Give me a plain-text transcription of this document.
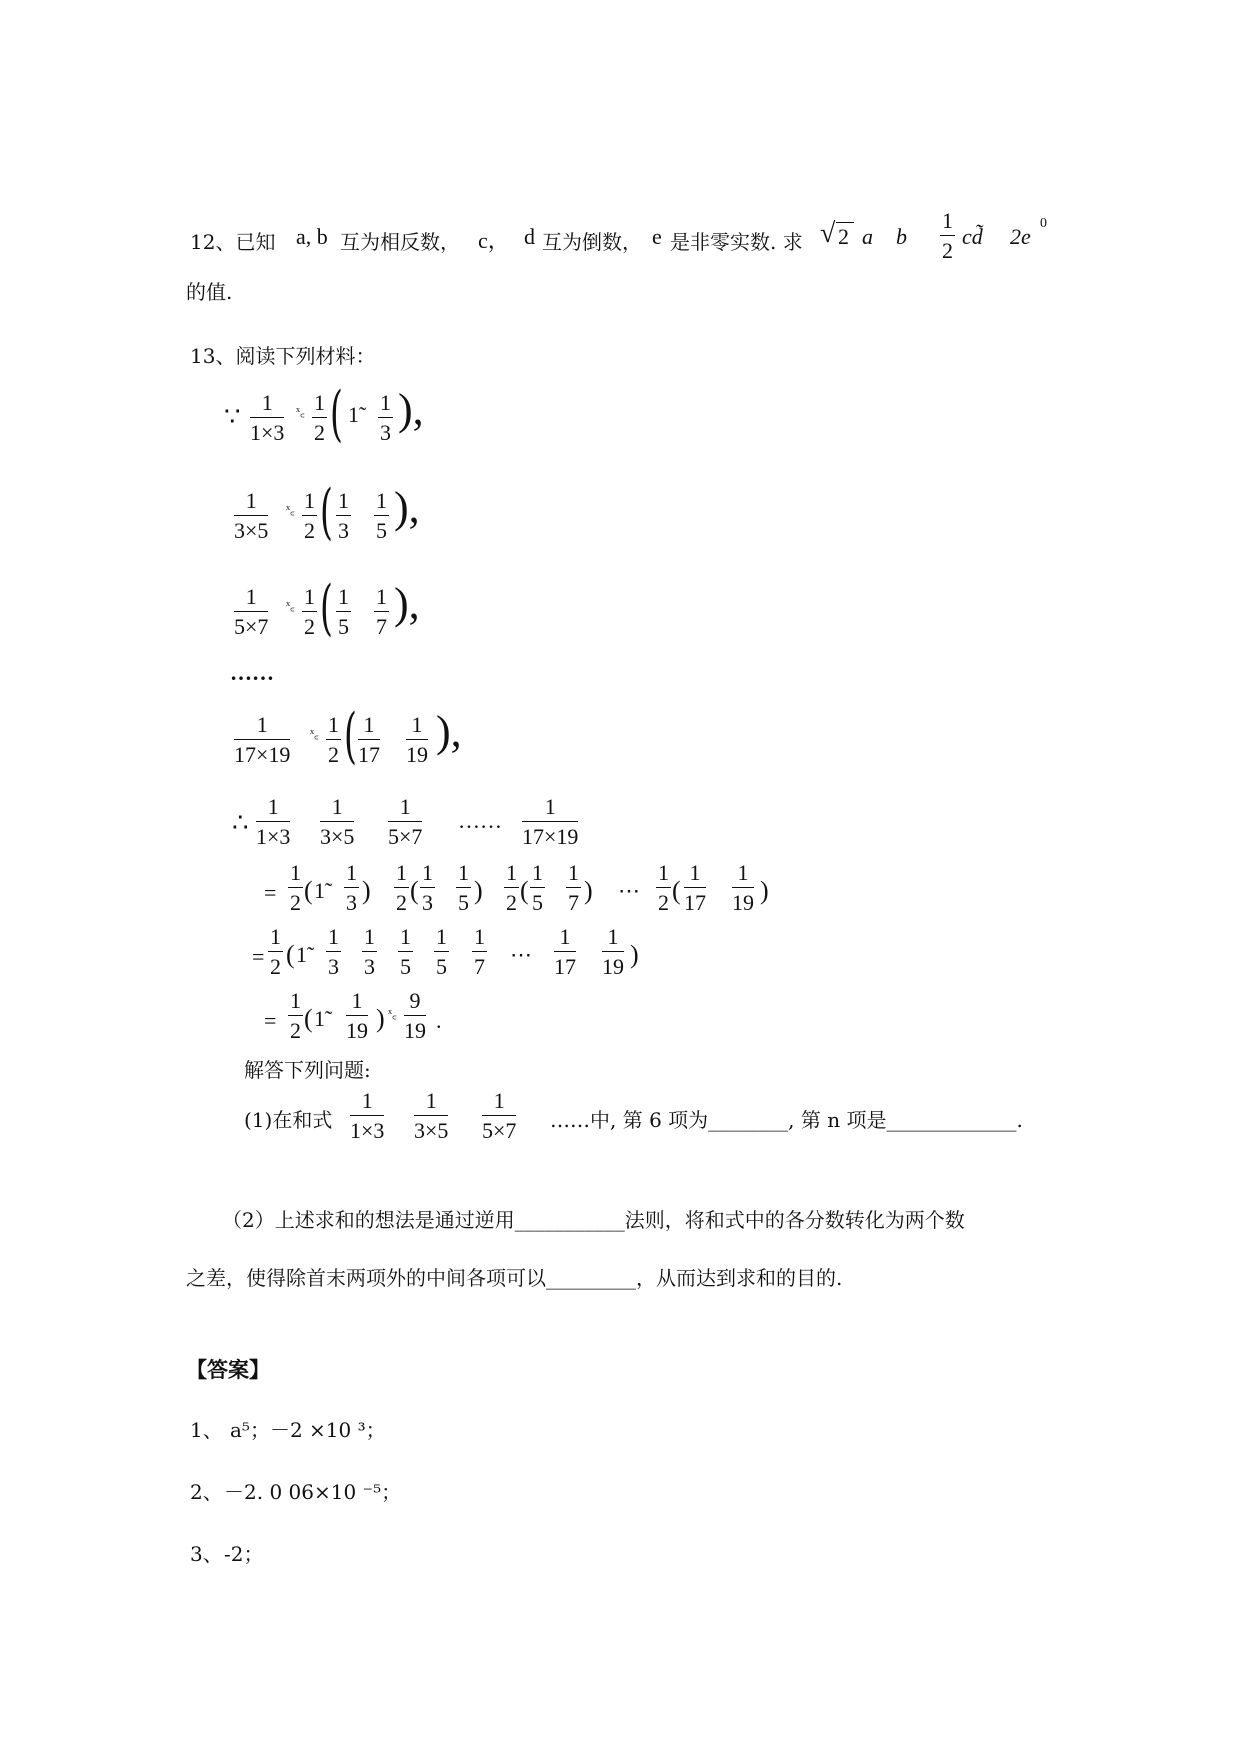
12、已知 a, b 互为相反数， c， d 互为倒数， e 是非零实数. 求 √ 2 a b $\frac{1}{2}$ cd̃ 2e
0
的值.
13、阅读下列材料：
∵ $\frac{1}{1\times 3}$ ˣ꜀ $\frac{1}{2}$ ( 1̃ $\frac{1}{3}$ ),
$\frac{1}{3\times 5}$ ˣ꜀ $\frac{1}{2}$ ( $\frac{1}{3} \frac{1}{5}$ ),
$\frac{1}{5\times 7}$ ˣ꜀ $\frac{1}{2}$ ( $\frac{1}{5} \frac{1}{7}$ ),
……
$\frac{1}{17\times 19}$ ˣ꜀ $\frac{1}{2}$ ( $\frac{1}{17} \frac{1}{19}$ ),
∴ $\frac{1}{1\times 3} \frac{1}{3\times 5} \frac{1}{5\times 7}$ …… $\frac{1}{17\times 19}$
= $\frac{1}{2}$ ( 1̃ $\frac{1}{3}$ ) $\frac{1}{2}$ ( $\frac{1}{3} \frac{1}{5}$ ) $\frac{1}{2}$ ( $\frac{1}{5} \frac{1}{7}$ ) ⋯ $\frac{1}{2}$ ( $\frac{1}{17} \frac{1}{19}$ )
= $\frac{1}{2}$ ( 1̃ $\frac{1}{3} \frac{1}{3} \frac{1}{5} \frac{1}{5} \frac{1}{7}$ ⋯ $\frac{1}{17} \frac{1}{19}$ )
= $\frac{1}{2}$ ( 1̃ $\frac{1}{19}$ ) ˣ꜀ $\frac{9}{19}$ .
解答下列问题:
(1)在和式 $\frac{1}{1\times 3} \frac{1}{3\times 5} \frac{1}{5\times 7}$ ……中, 第 6 项为________, 第 n 项是_____________.
（2）上述求和的想法是通过逆用___________法则，将和式中的各分数转化为两个数
之差，使得除首末两项外的中间各项可以_________，从而达到求和的目的.
【答案】
1、 a⁵；－2 ×10 ³；
2、 －2. 0 06×10 ⁻⁵；
3、 -2；
